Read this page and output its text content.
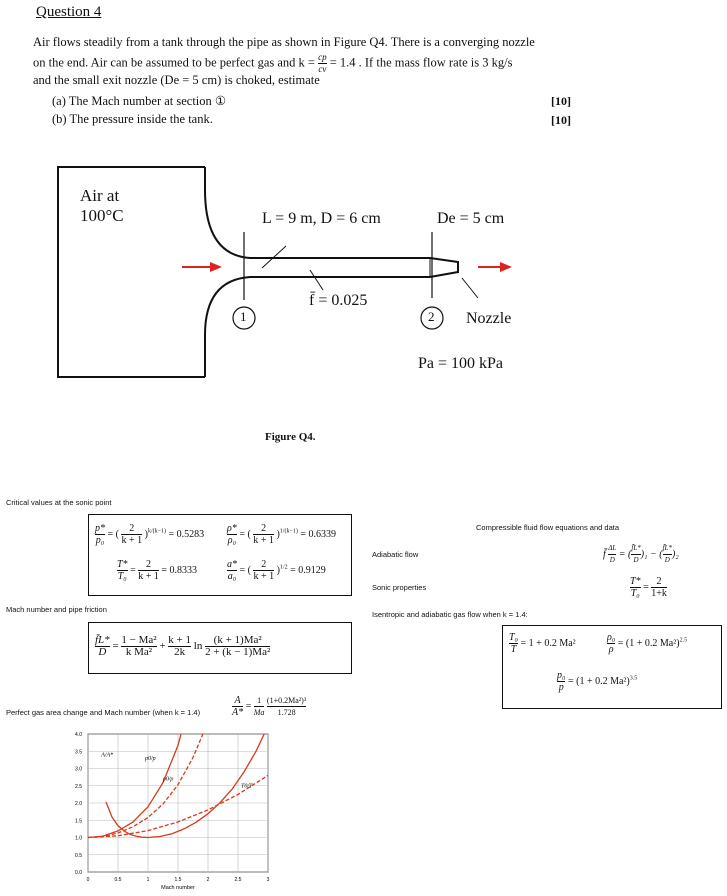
Question 4
Air flows steadily from a tank through the pipe as shown in Figure Q4. There is a converging nozzle
on the end. Air can be assumed to be perfect gas and $k = \frac{cp}{cv} = 1.4$ . If the mass flow rate is 3 kg/s
and the small exit nozzle (De = 5 cm) is choked, estimate
(a) The Mach number at section ①	[10]
(b) The pressure inside the tank.	[10]
Air at
100°C	L = 9 m, D = 6 cm	De = 5 cm
f̄ = 0.025
1	2 Nozzle
Pa = 100 kPa
Figure Q4.
Critical values at the sonic point
$\frac{p*}{\text{p₀}}$ = ( $\frac{2}{k + 1} )^{k/(k-1)} = 0.5283 \frac{\rho*}{\text{ρ₀}}$ = ( $\frac{2}{k + 1} )^{1/(k-1)} = 0.6339$
$\frac{T*}{\text{T₀}} = \frac{2}{k + 1} = 0.8333$	$\frac{a*}{\text{a₀}}$ = ( $\frac{2}{k + 1} )^{1/2} = 0.9129$
Compressible fluid flow equations and data
Adiabatic flow	f̄ $\frac{\Delta L}{D}$ = ( $\frac{f̄L*}{D} )_1$ − ( $\frac{f̄L*}{D} )_2$
Sonic properties	$\frac{T*}{\text{T₀}} = \frac{2}{1+k}$
Mach number and pipe friction
Isentropic and adiabatic gas flow when k = 1.4:
$\frac{f̄L*}{D} = \frac{\text{1 − Ma²}}{\text{k Ma²}} + \frac{k + 1}{2k}$ $\ln \frac{\text{(k + 1)Ma²}}{\text{2 + (k − 1)Ma²}}$	$\frac{\text{T₀}}{T} = 1 + 0.2$ Ma²	$\frac{\text{ρ₀}}{\rho} = (1 + 0.2$ Ma²)$^{2.5}$
$\frac{\text{p₀}}{p} = (1 + 0.2$ Ma²)$^{3.5}$
Perfect gas area change and Mach number (when k = 1.4)	$\frac{A}{A*} = \frac{1}{Ma}$
$\frac{\text{(1+0.2Ma²)³}}{1.728}$
0.0
0.5
1.0
1.5
2.0
2.5
3.0
3.5
4.0
0	0.5	1	1.5	2	2.5	3
Mach number
A/A*
p0/p
ρ0/ρ
T0/T
